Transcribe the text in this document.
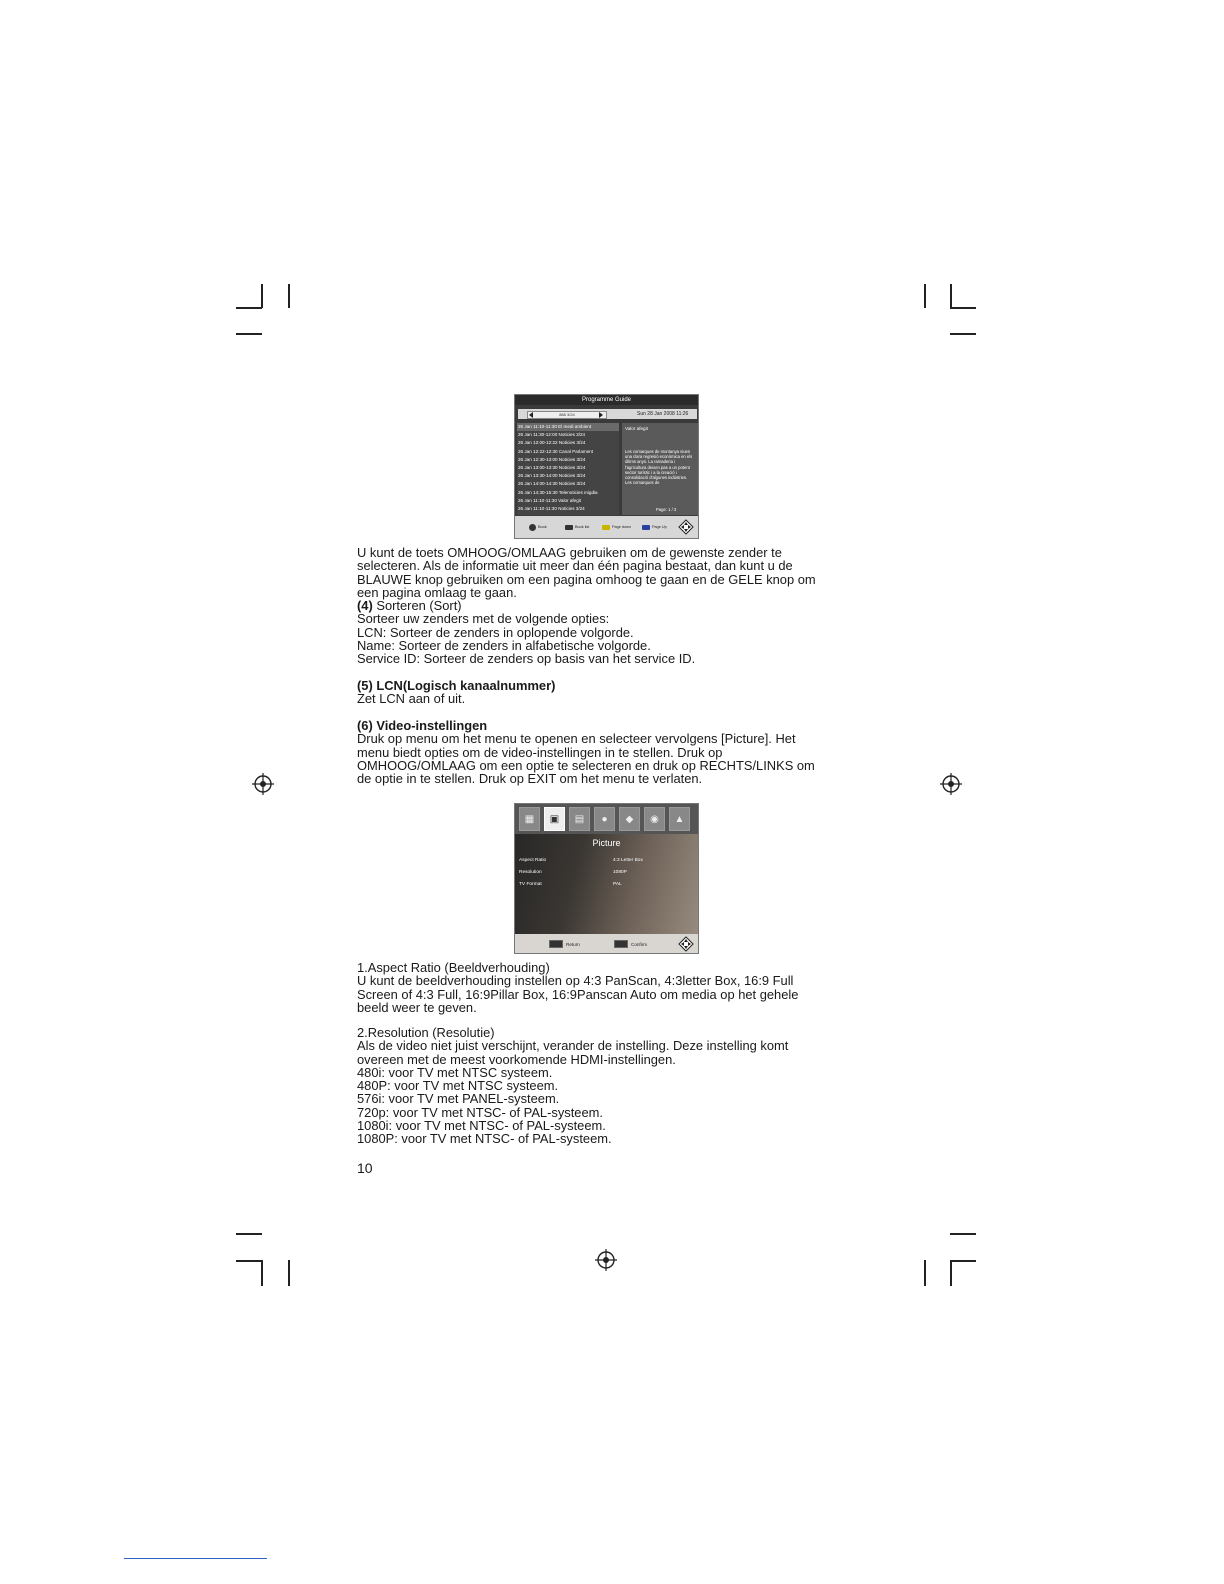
Programme Guide
888 3/24	Sun 28 Jan 2008 11:26
26 Jan 11:10-11:30 El medi ambient
26 Jan 11:30-12:00 Noticies 3/24
26 Jan 12:00-12:22 Noticies 3/24
26 Jan 12:22-12:30 Canal Parlament
26 Jan 12:30-13:00 Noticies 3/24
26 Jan 13:00-13:30 Noticies 3/24
26 Jan 13:30-14:00 Noticies 3/24
26 Jan 14:00-14:30 Noticies 3/24
26 Jan 14:30-15:30 Telenoticies migdia
26 Jan 11:10-11:30 Valor afegit
26 Jan 11:10-11:30 Noticies 3/24
Valor afegit
Les comarques de muntanya viuen una clara regresió econòmica en els últims anys. La ramaderia i l'agricultura deixen pas a un potent sector turístic i a la creació i consolidació d'algunes indústries. Les comarques de
Page: 1 / 3
Book	Book list	Page down	Page Up

U kunt de toets OMHOOG/OMLAAG gebruiken om de gewenste zender te

selecteren. Als de informatie uit meer dan één pagina bestaat, dan kunt u de

BLAUWE knop gebruiken om een pagina omhoog te gaan en de GELE knop om

een pagina omlaag te gaan.

(4) Sorteren (Sort)

Sorteer uw zenders met de volgende opties:

LCN: Sorteer de zenders in oplopende volgorde.

Name: Sorteer de zenders in alfabetische volgorde.

Service ID: Sorteer de zenders op basis van het service ID.

(5) LCN(Logisch kanaalnummer)

Zet LCN aan of uit.

(6) Video-instellingen

Druk op menu om het menu te openen en selecteer vervolgens [Picture]. Het

menu biedt opties om de video-instellingen in te stellen. Druk op

OMHOOG/OMLAAG om een optie te selecteren en druk op RECHTS/LINKS om

de optie in te stellen. Druk op EXIT om het menu te verlaten.

▦	▣	▤	●	◆	◉	▲
Picture
Aspect Ratio	4:3 Letter Box
Resolution	1080P
TV Format	PAL
Return	Confirm

1.Aspect Ratio (Beeldverhouding)

U kunt de beeldverhouding instellen op 4:3 PanScan, 4:3letter Box, 16:9 Full

Screen of 4:3 Full, 16:9Pillar Box, 16:9Panscan Auto om media op het gehele

beeld weer te geven.

2.Resolution (Resolutie)

Als de video niet juist verschijnt, verander de instelling. Deze instelling komt

overeen met de meest voorkomende HDMI-instellingen.

480i: voor TV met NTSC systeem.

480P: voor TV met NTSC systeem.

576i: voor TV met PANEL-systeem.

720p: voor TV met NTSC- of PAL-systeem.

1080i: voor TV met NTSC- of PAL-systeem.

1080P: voor TV met NTSC- of PAL-systeem.

10
